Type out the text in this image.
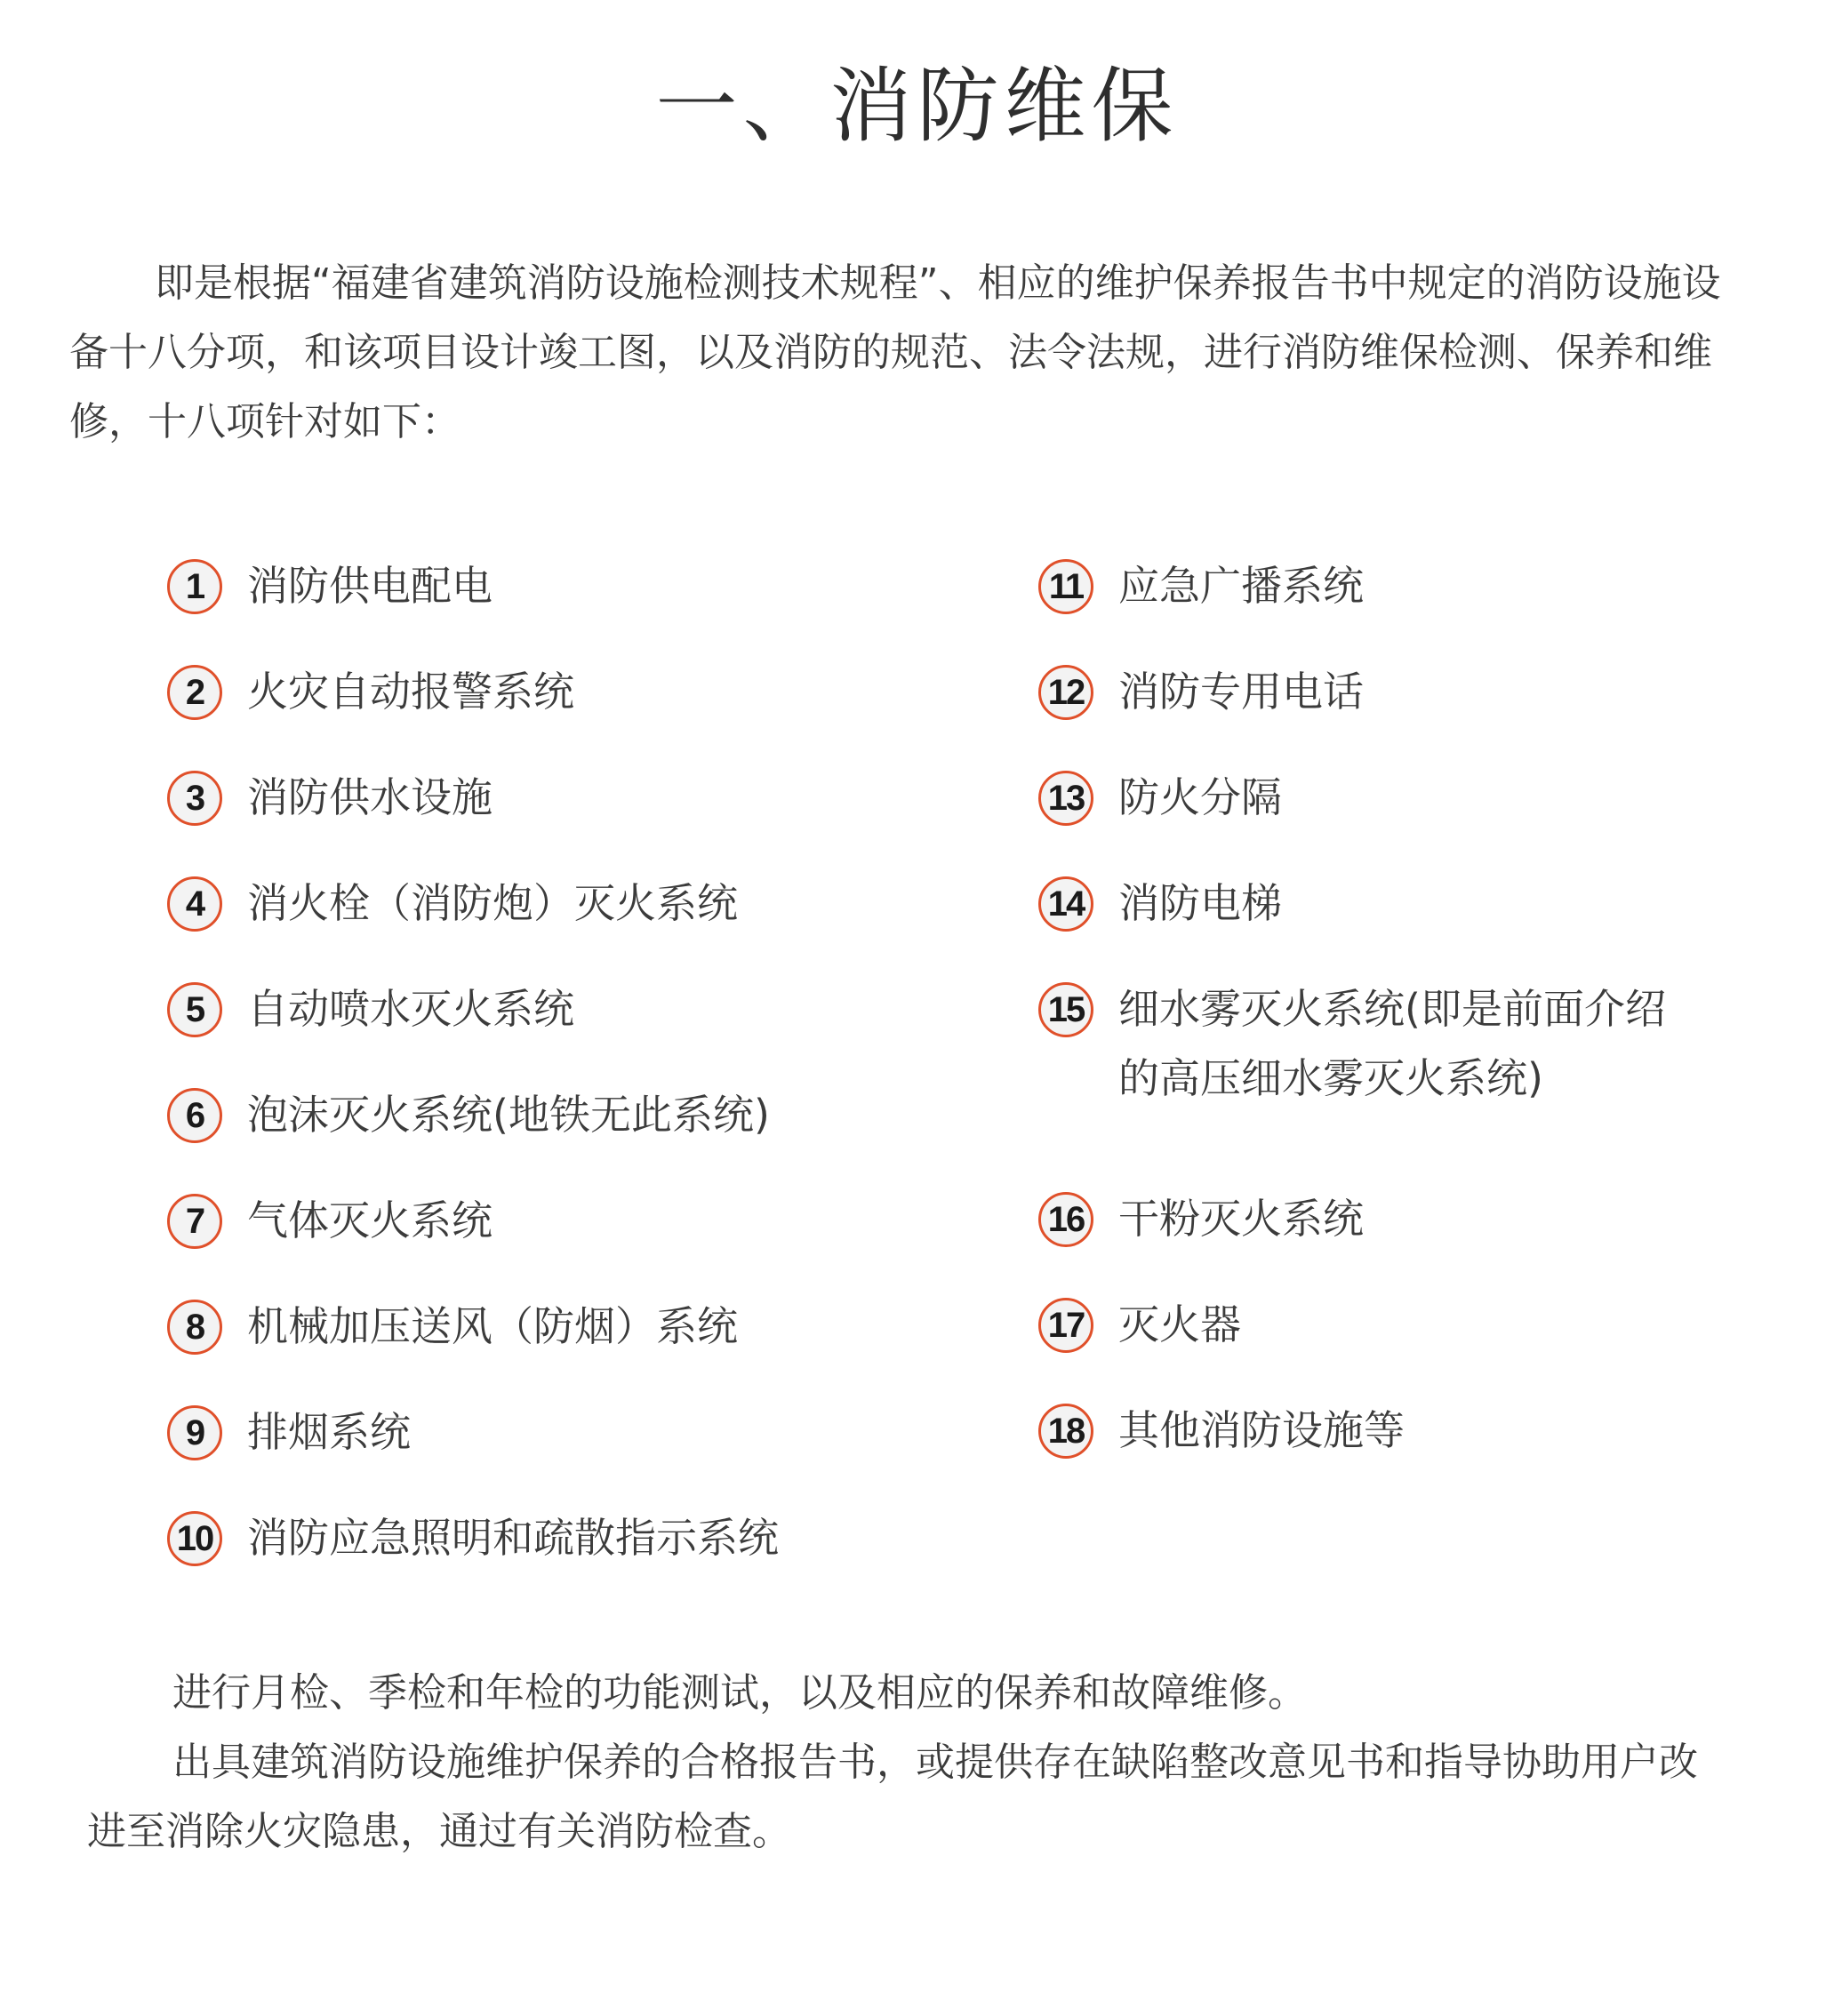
一、消防维保

即是根据“福建省建筑消防设施检测技术规程”、相应的维护保养报告书中规定的消防设施设备十八分项，和该项目设计竣工图，以及消防的规范、法令法规，进行消防维保检测、保养和维修，十八项针对如下：

1	消防供电配电
2	火灾自动报警系统
3	消防供水设施
4	消火栓（消防炮）灭火系统
5	自动喷水灭火系统
6	泡沫灭火系统(地铁无此系统)
7	气体灭火系统
8	机械加压送风（防烟）系统
9	排烟系统
10 消防应急照明和疏散指示系统
11 应急广播系统
12 消防专用电话
13 防火分隔
14 消防电梯
15 细水雾灭火系统(即是前面介绍的高压细水雾灭火系统)
16 干粉灭火系统
17 灭火器
18 其他消防设施等

进行月检、季检和年检的功能测试，以及相应的保养和故障维修。

出具建筑消防设施维护保养的合格报告书，或提供存在缺陷整改意见书和指导协助用户改进至消除火灾隐患，通过有关消防检查。
